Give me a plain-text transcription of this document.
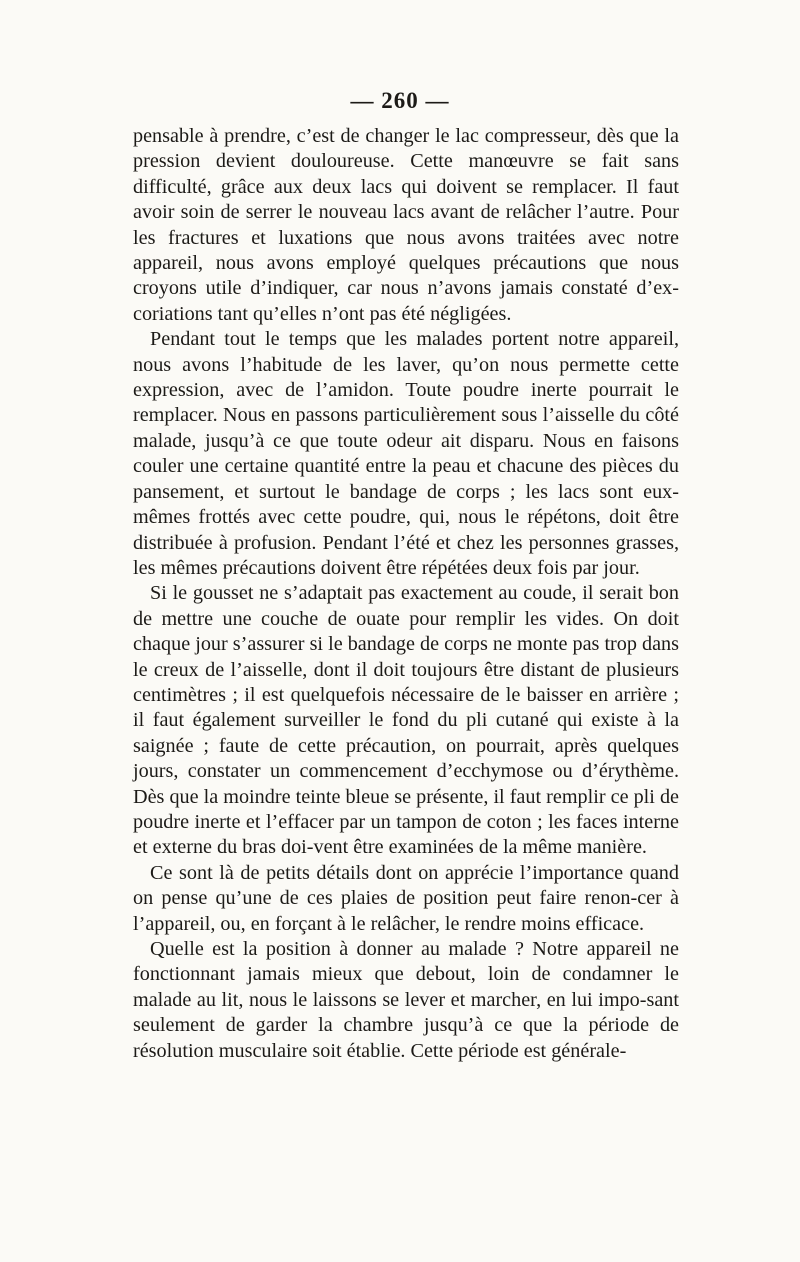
— 260 —

pensable à prendre, c’est de changer le lac compresseur, dès que la pression devient douloureuse. Cette manœuvre se fait sans difficulté, grâce aux deux lacs qui doivent se remplacer. Il faut avoir soin de serrer le nouveau lacs avant de relâcher l’autre. Pour les fractures et luxations que nous avons traitées avec notre appareil, nous avons employé quelques précautions que nous croyons utile d’indiquer, car nous n’avons jamais constaté d’ex-coriations tant qu’elles n’ont pas été négligées.

Pendant tout le temps que les malades portent notre appareil, nous avons l’habitude de les laver, qu’on nous permette cette expression, avec de l’amidon. Toute poudre inerte pourrait le remplacer. Nous en passons particulièrement sous l’aisselle du côté malade, jusqu’à ce que toute odeur ait disparu. Nous en faisons couler une certaine quantité entre la peau et chacune des pièces du pansement, et surtout le bandage de corps ; les lacs sont eux-mêmes frottés avec cette poudre, qui, nous le répétons, doit être distribuée à profusion. Pendant l’été et chez les personnes grasses, les mêmes précautions doivent être répétées deux fois par jour.

Si le gousset ne s’adaptait pas exactement au coude, il serait bon de mettre une couche de ouate pour remplir les vides. On doit chaque jour s’assurer si le bandage de corps ne monte pas trop dans le creux de l’aisselle, dont il doit toujours être distant de plusieurs centimètres ; il est quelquefois nécessaire de le baisser en arrière ; il faut également surveiller le fond du pli cutané qui existe à la saignée ; faute de cette précaution, on pourrait, après quelques jours, constater un commencement d’ecchymose ou d’érythème. Dès que la moindre teinte bleue se présente, il faut remplir ce pli de poudre inerte et l’effacer par un tampon de coton ; les faces interne et externe du bras doi-vent être examinées de la même manière.

Ce sont là de petits détails dont on apprécie l’importance quand on pense qu’une de ces plaies de position peut faire renon-cer à l’appareil, ou, en forçant à le relâcher, le rendre moins efficace.

Quelle est la position à donner au malade ? Notre appareil ne fonctionnant jamais mieux que debout, loin de condamner le malade au lit, nous le laissons se lever et marcher, en lui impo-sant seulement de garder la chambre jusqu’à ce que la période de résolution musculaire soit établie. Cette période est générale-
